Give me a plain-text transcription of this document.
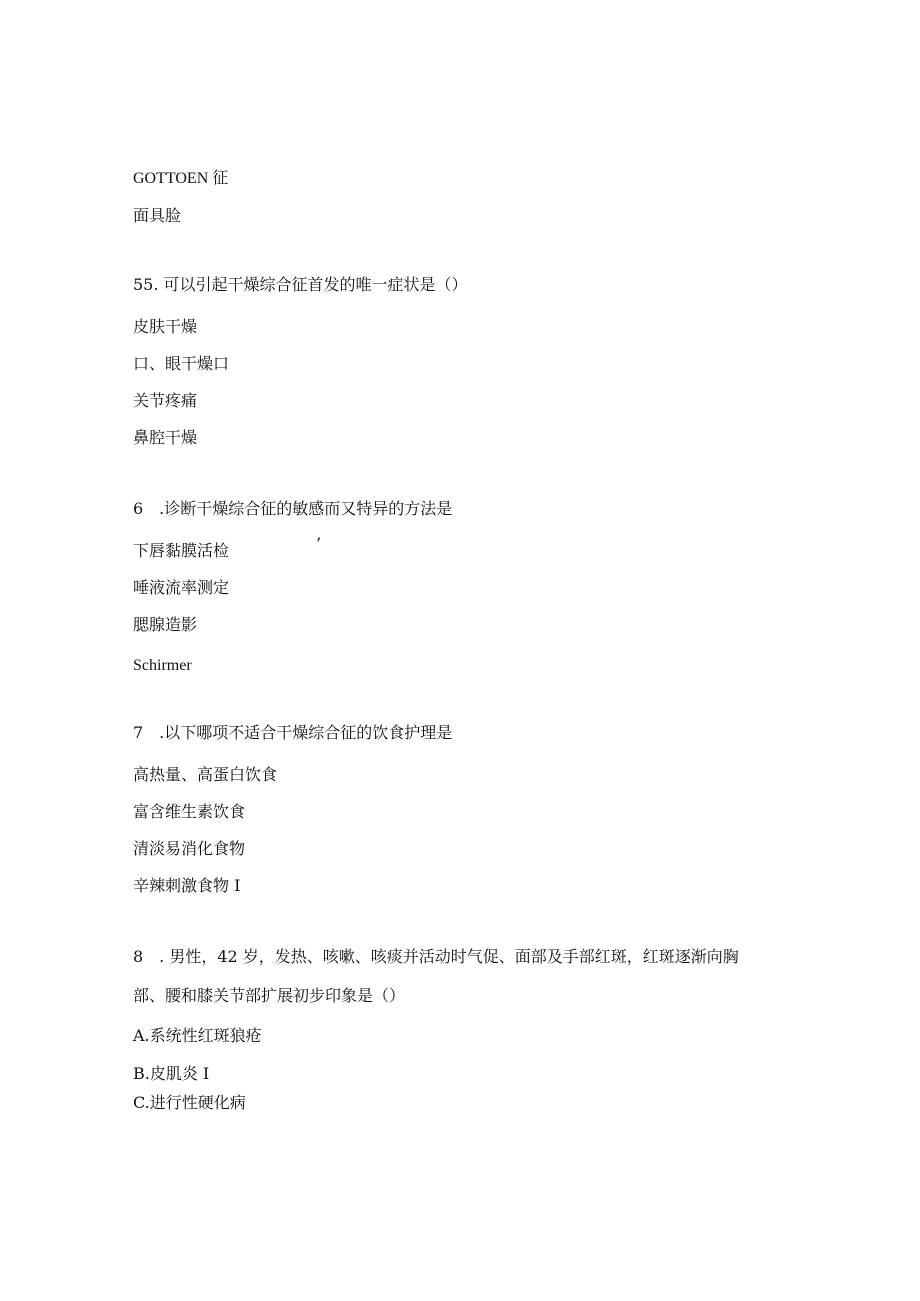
GOTTOEN 征
面具脸
55. 可以引起干燥综合征首发的唯一症状是（）
皮肤干燥
口、眼干燥口
关节疼痛
鼻腔干燥
6　.诊断干燥综合征的敏感而又特异的方法是
下唇黏膜活检	’
唾液流率测定
腮腺造影
Schirmer
7　.以下哪项不适合干燥综合征的饮食护理是
高热量、高蛋白饮食
富含维生素饮食
清淡易消化食物
辛辣刺激食物 I
8　. 男性，42 岁，发热、咳嗽、咳痰并活动时气促、面部及手部红斑，红斑逐渐向胸
部、腰和膝关节部扩展初步印象是（）
A.系统性红斑狼疮
B.皮肌炎 I
C.进行性硬化病
